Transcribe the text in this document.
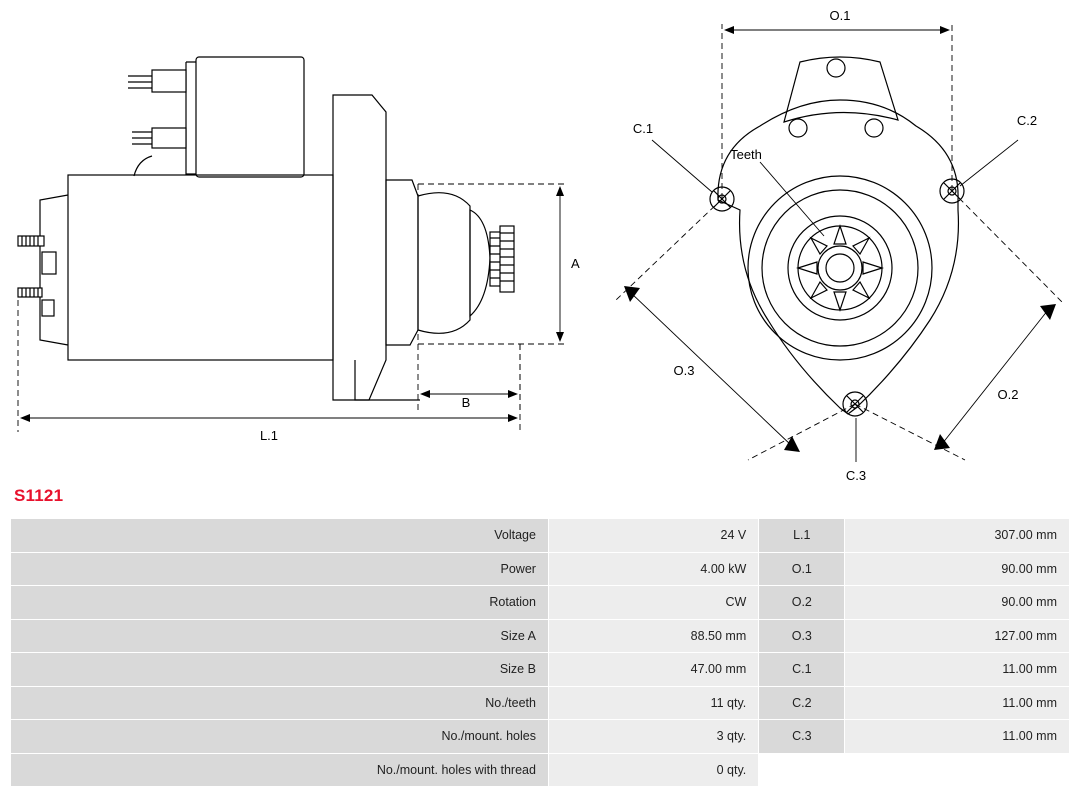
A
B
L.1
O.1
O.2
O.3
C.1
C.2
C.3
Teeth
S1121
Voltage	24 V	L.1	307.00 mm
Power	4.00 kW	O.1	90.00 mm
Rotation	CW	O.2	90.00 mm
Size A	88.50 mm	O.3	127.00 mm
Size B	47.00 mm	C.1	11.00 mm
No./teeth	11 qty.	C.2	11.00 mm
No./mount. holes	3 qty.	C.3	11.00 mm
No./mount. holes with thread	0 qty.		
